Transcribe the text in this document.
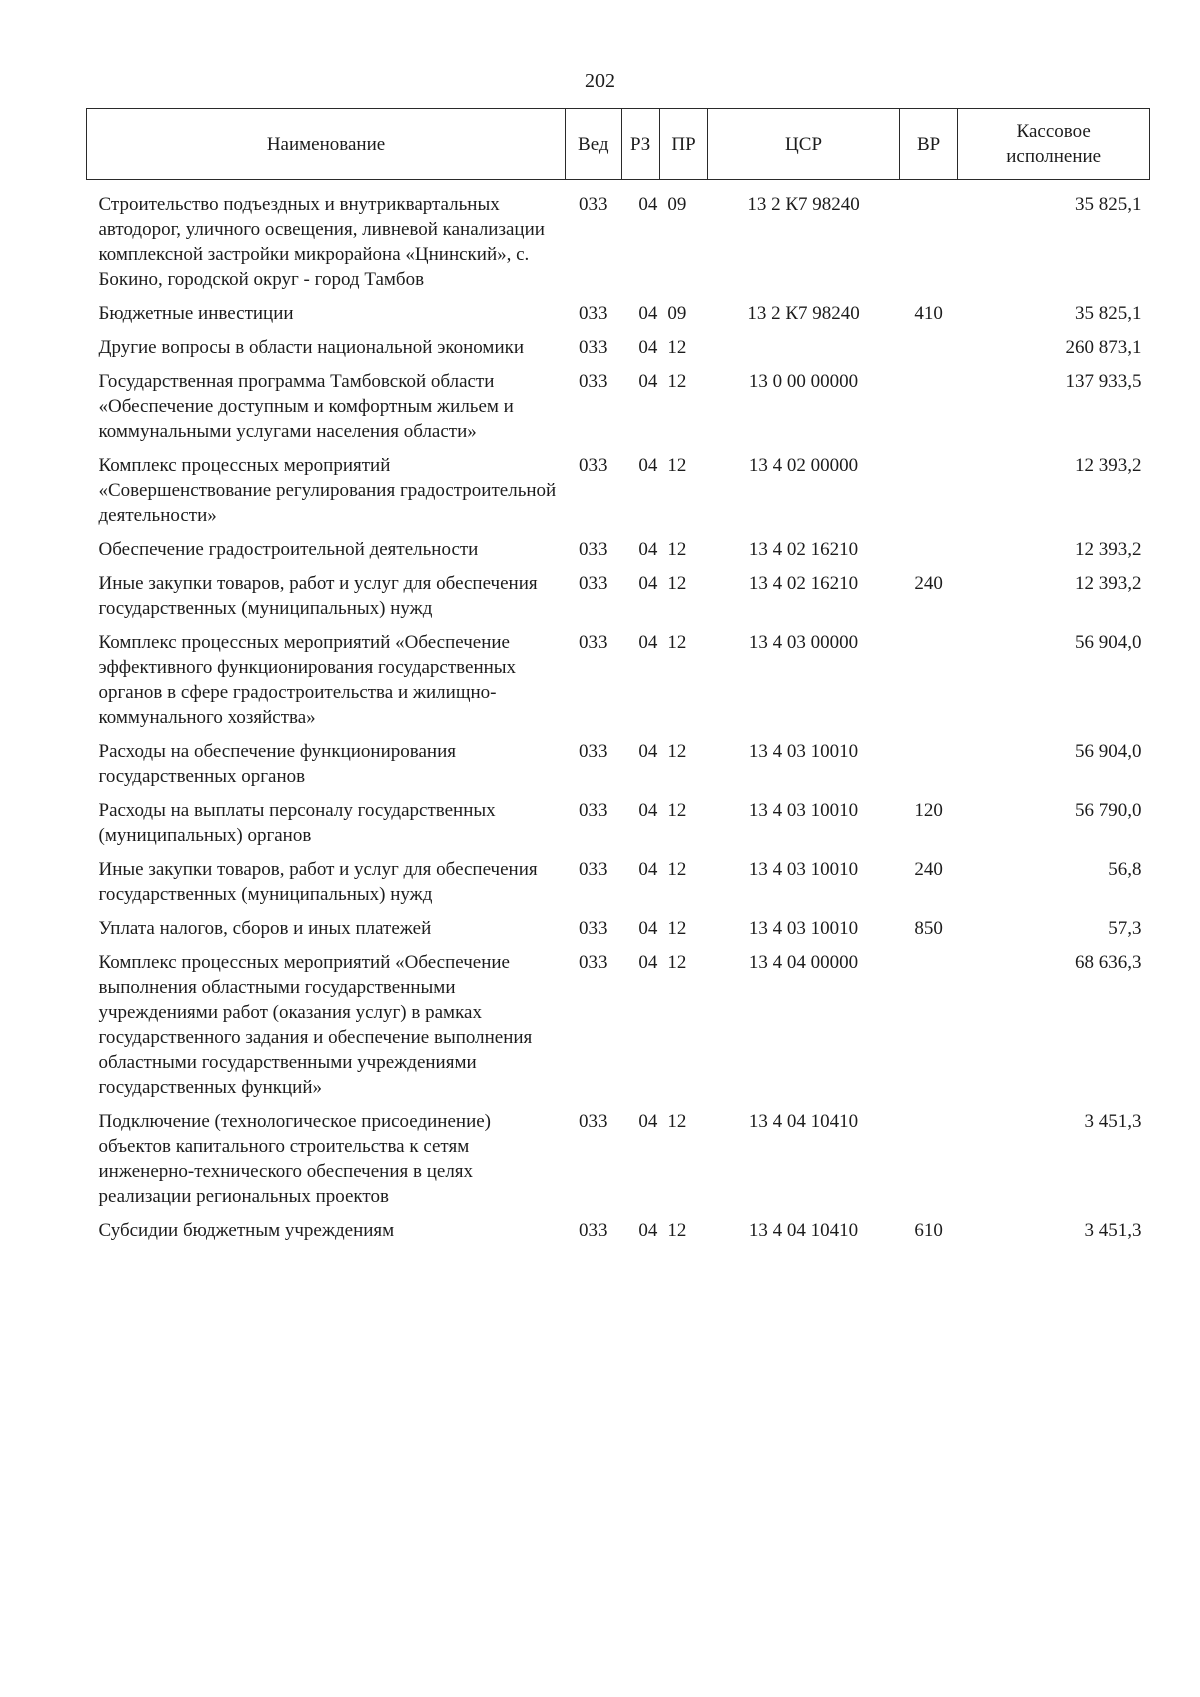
202
Наименование	Вед	РЗ	ПР	ЦСР	ВР	Кассовое исполнение
Строительство подъездных и внутриквартальных автодорог, уличного освещения, ливневой канализации комплексной застройки микрорайона «Цнинский», с. Бокино, городской округ - город Тамбов	033	04	09	13 2 К7 98240		35 825,1
Бюджетные инвестиции	033	04	09	13 2 К7 98240	410	35 825,1
Другие вопросы в области национальной экономики	033	04	12			260 873,1
Государственная программа Тамбовской области «Обеспечение доступным и комфортным жильем и коммунальными услугами населения области»	033	04	12	13 0 00 00000		137 933,5
Комплекс процессных мероприятий «Совершенствование регулирования градостроительной деятельности»	033	04	12	13 4 02 00000		12 393,2
Обеспечение градостроительной деятельности	033	04	12	13 4 02 16210		12 393,2
Иные закупки товаров, работ и услуг для обеспечения государственных (муниципальных) нужд	033	04	12	13 4 02 16210	240	12 393,2
Комплекс процессных мероприятий «Обеспечение эффективного функционирования государственных органов в сфере градостроительства и жилищно-коммунального хозяйства»	033	04	12	13 4 03 00000		56 904,0
Расходы на обеспечение функционирования государственных органов	033	04	12	13 4 03 10010		56 904,0
Расходы на выплаты персоналу государственных (муниципальных) органов	033	04	12	13 4 03 10010	120	56 790,0
Иные закупки товаров, работ и услуг для обеспечения государственных (муниципальных) нужд	033	04	12	13 4 03 10010	240	56,8
Уплата налогов, сборов и иных платежей	033	04	12	13 4 03 10010	850	57,3
Комплекс процессных мероприятий «Обеспечение выполнения областными государственными учреждениями работ (оказания услуг) в рамках государственного задания и обеспечение выполнения областными государственными учреждениями государственных функций»	033	04	12	13 4 04 00000		68 636,3
Подключение (технологическое присоединение) объектов капитального строительства к сетям инженерно-технического обеспечения в целях реализации региональных проектов	033	04	12	13 4 04 10410		3 451,3
Субсидии бюджетным учреждениям	033	04	12	13 4 04 10410	610	3 451,3
